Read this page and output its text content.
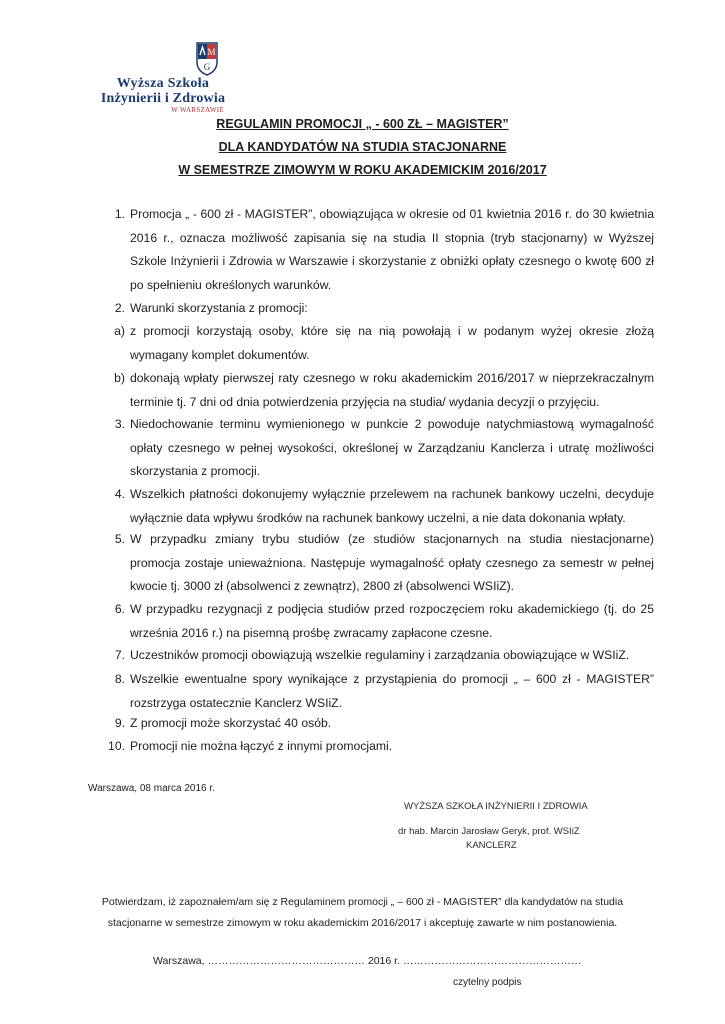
M
G
Wyższa Szkoła
Inżynierii i Zdrowia
W WARSZAWIE
REGULAMIN PROMOCJI „ - 600 ZŁ – MAGISTER”
DLA KANDYDATÓW NA STUDIA STACJONARNE
W SEMESTRZE ZIMOWYM W ROKU AKADEMICKIM 2016/2017
1. Promocja „ - 600 zł - MAGISTER”, obowiązująca w okresie od 01 kwietnia 2016 r. do 30 kwietnia 2016 r., oznacza możliwość zapisania się na studia II stopnia (tryb stacjonarny) w Wyższej Szkole Inżynierii i Zdrowia w Warszawie i skorzystanie z obniżki opłaty czesnego o kwotę 600 zł po spełnieniu określonych warunków.
2. Warunki skorzystania z promocji:
a) z promocji korzystają osoby, które się na nią powołają i w podanym wyżej okresie złożą wymagany komplet dokumentów.
b) dokonają wpłaty pierwszej raty czesnego w roku akademickim 2016/2017 w nieprzekraczalnym terminie tj. 7 dni od dnia potwierdzenia przyjęcia na studia/ wydania decyzji o przyjęciu.
3. Niedochowanie terminu wymienionego w punkcie 2 powoduje natychmiastową wymagalność opłaty czesnego w pełnej wysokości, określonej w Zarządzaniu Kanclerza i utratę możliwości skorzystania z promocji.
4. Wszelkich płatności dokonujemy wyłącznie przelewem na rachunek bankowy uczelni, decyduje wyłącznie data wpływu środków na rachunek bankowy uczelni, a nie data dokonania wpłaty.
5. W przypadku zmiany trybu studiów (ze studiów stacjonarnych na studia niestacjonarne) promocja zostaje unieważniona. Następuje wymagalność opłaty czesnego za semestr w pełnej kwocie tj. 3000 zł (absolwenci z zewnątrz), 2800 zł (absolwenci WSIiZ).
6. W przypadku rezygnacji z podjęcia studiów przed rozpoczęciem roku akademickiego (tj. do 25 września 2016 r.) na pisemną prośbę zwracamy zapłacone czesne.
7. Uczestników promocji obowiązują wszelkie regulaminy i zarządzania obowiązujące w WSIiZ.
8. Wszelkie ewentualne spory wynikające z przystąpienia do promocji „ – 600 zł - MAGISTER” rozstrzyga ostatecznie Kanclerz WSIiZ.
9. Z promocji może skorzystać 40 osób.
10. Promocji nie można łączyć z innymi promocjami.
Warszawa, 08 marca 2016 r.
WYŻSZA SZKOŁA INŻYNIERII I ZDROWIA
dr hab. Marcin Jarosław Geryk, prof. WSIiZ
KANCLERZ
Potwierdzam, iż zapoznałem/am się z Regulaminem promocji „ – 600 zł - MAGISTER” dla kandydatów na studia
stacjonarne w semestrze zimowym w roku akademickim 2016/2017 i akceptuję zawarte w nim postanowienia.
Warszawa, ……………………………………… 2016 r. ……………………………………………
czytelny podpis
